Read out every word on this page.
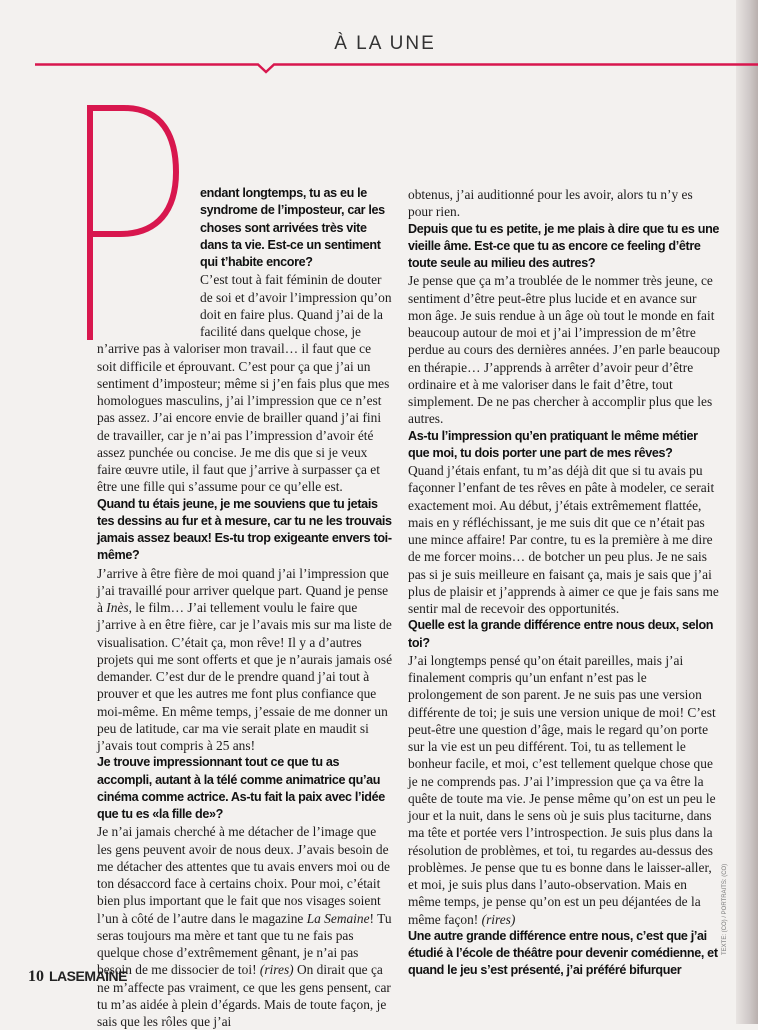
À LA UNE

endant longtemps, tu as eu le syndrome de l’imposteur, car les choses sont arrivées très vite dans ta vie. Est-ce un sentiment qui t’habite encore?

C’est tout à fait féminin de douter de soi et d’avoir l’impression qu’on doit en faire plus. Quand j’ai de la facilité dans quelque chose, je n’arrive pas à valoriser mon travail… il faut que ce soit difficile et éprouvant. C’est pour ça que j’ai un sentiment d’imposteur; même si j’en fais plus que mes homologues masculins, j’ai l’impression que ce n’est pas assez. J’ai encore envie de brailler quand j’ai fini de travailler, car je n’ai pas l’impression d’avoir été assez punchée ou concise. Je me dis que si je veux faire œuvre utile, il faut que j’arrive à surpasser ça et être une fille qui s’assume pour ce qu’elle est.

Quand tu étais jeune, je me souviens que tu jetais tes dessins au fur et à mesure, car tu ne les trouvais jamais assez beaux! Es-tu trop exigeante envers toi-même?

J’arrive à être fière de moi quand j’ai l’impression que j’ai travaillé pour arriver quelque part. Quand je pense à Inès, le film… J’ai tellement voulu le faire que j’arrive à en être fière, car je l’avais mis sur ma liste de visualisation. C’était ça, mon rêve! Il y a d’autres projets qui me sont offerts et que je n’aurais jamais osé demander. C’est dur de le prendre quand j’ai tout à prouver et que les autres me font plus confiance que moi-même. En même temps, j’essaie de me donner un peu de latitude, car ma vie serait plate en maudit si j’avais tout compris à 25 ans!

Je trouve impressionnant tout ce que tu as accompli, autant à la télé comme animatrice qu’au cinéma comme actrice. As-tu fait la paix avec l’idée que tu es «la fille de»?

Je n’ai jamais cherché à me détacher de l’image que les gens peuvent avoir de nous deux. J’avais besoin de me détacher des attentes que tu avais envers moi ou de ton désaccord face à certains choix. Pour moi, c’était bien plus important que le fait que nos visages soient l’un à côté de l’autre dans le magazine La Semaine! Tu seras toujours ma mère et tant que tu ne fais pas quelque chose d’extrêmement gênant, je n’ai pas besoin de me dissocier de toi! (rires) On dirait que ça ne m’affecte pas vraiment, ce que les gens pensent, car tu m’as aidée à plein d’égards. Mais de toute façon, je sais que les rôles que j’ai

obtenus, j’ai auditionné pour les avoir, alors tu n’y es pour rien.

Depuis que tu es petite, je me plais à dire que tu es une vieille âme. Est-ce que tu as encore ce feeling d’être toute seule au milieu des autres?

Je pense que ça m’a troublée de le nommer très jeune, ce sentiment d’être peut-être plus lucide et en avance sur mon âge. Je suis rendue à un âge où tout le monde en fait beaucoup autour de moi et j’ai l’impression de m’être perdue au cours des dernières années. J’en parle beaucoup en thérapie… J’apprends à arrêter d’avoir peur d’être ordinaire et à me valoriser dans le fait d’être, tout simplement. De ne pas chercher à accomplir plus que les autres.

As-tu l’impression qu’en pratiquant le même métier que moi, tu dois porter une part de mes rêves?

Quand j’étais enfant, tu m’as déjà dit que si tu avais pu façonner l’enfant de tes rêves en pâte à modeler, ce serait exactement moi. Au début, j’étais extrêmement flattée, mais en y réfléchissant, je me suis dit que ce n’était pas une mince affaire! Par contre, tu es la première à me dire de me forcer moins… de botcher un peu plus. Je ne sais pas si je suis meilleure en faisant ça, mais je sais que j’ai plus de plaisir et j’apprends à aimer ce que je fais sans me sentir mal de recevoir des opportunités.

Quelle est la grande différence entre nous deux, selon toi?

J’ai longtemps pensé qu’on était pareilles, mais j’ai finalement compris qu’un enfant n’est pas le prolongement de son parent. Je ne suis pas une version différente de toi; je suis une version unique de moi! C’est peut-être une question d’âge, mais le regard qu’on porte sur la vie est un peu différent. Toi, tu as tellement le bonheur facile, et moi, c’est tellement quelque chose que je ne comprends pas. J’ai l’impression que ça va être la quête de toute ma vie. Je pense même qu’on est un peu le jour et la nuit, dans le sens où je suis plus taciturne, dans ma tête et portée vers l’introspection. Je suis plus dans la résolution de problèmes, et toi, tu regardes au-dessus des problèmes. Je pense que tu es bonne dans le laisser-aller, et moi, je suis plus dans l’auto-observation. Mais en même temps, je pense qu’on est un peu déjantées de la même façon! (rires)

Une autre grande différence entre nous, c’est que j’ai étudié à l’école de théâtre pour devenir comédienne, et quand le jeu s’est présenté, j’ai préféré bifurquer

10 LASEMAINE
TEXTE: (CO) / PORTRAITS: (CO)
